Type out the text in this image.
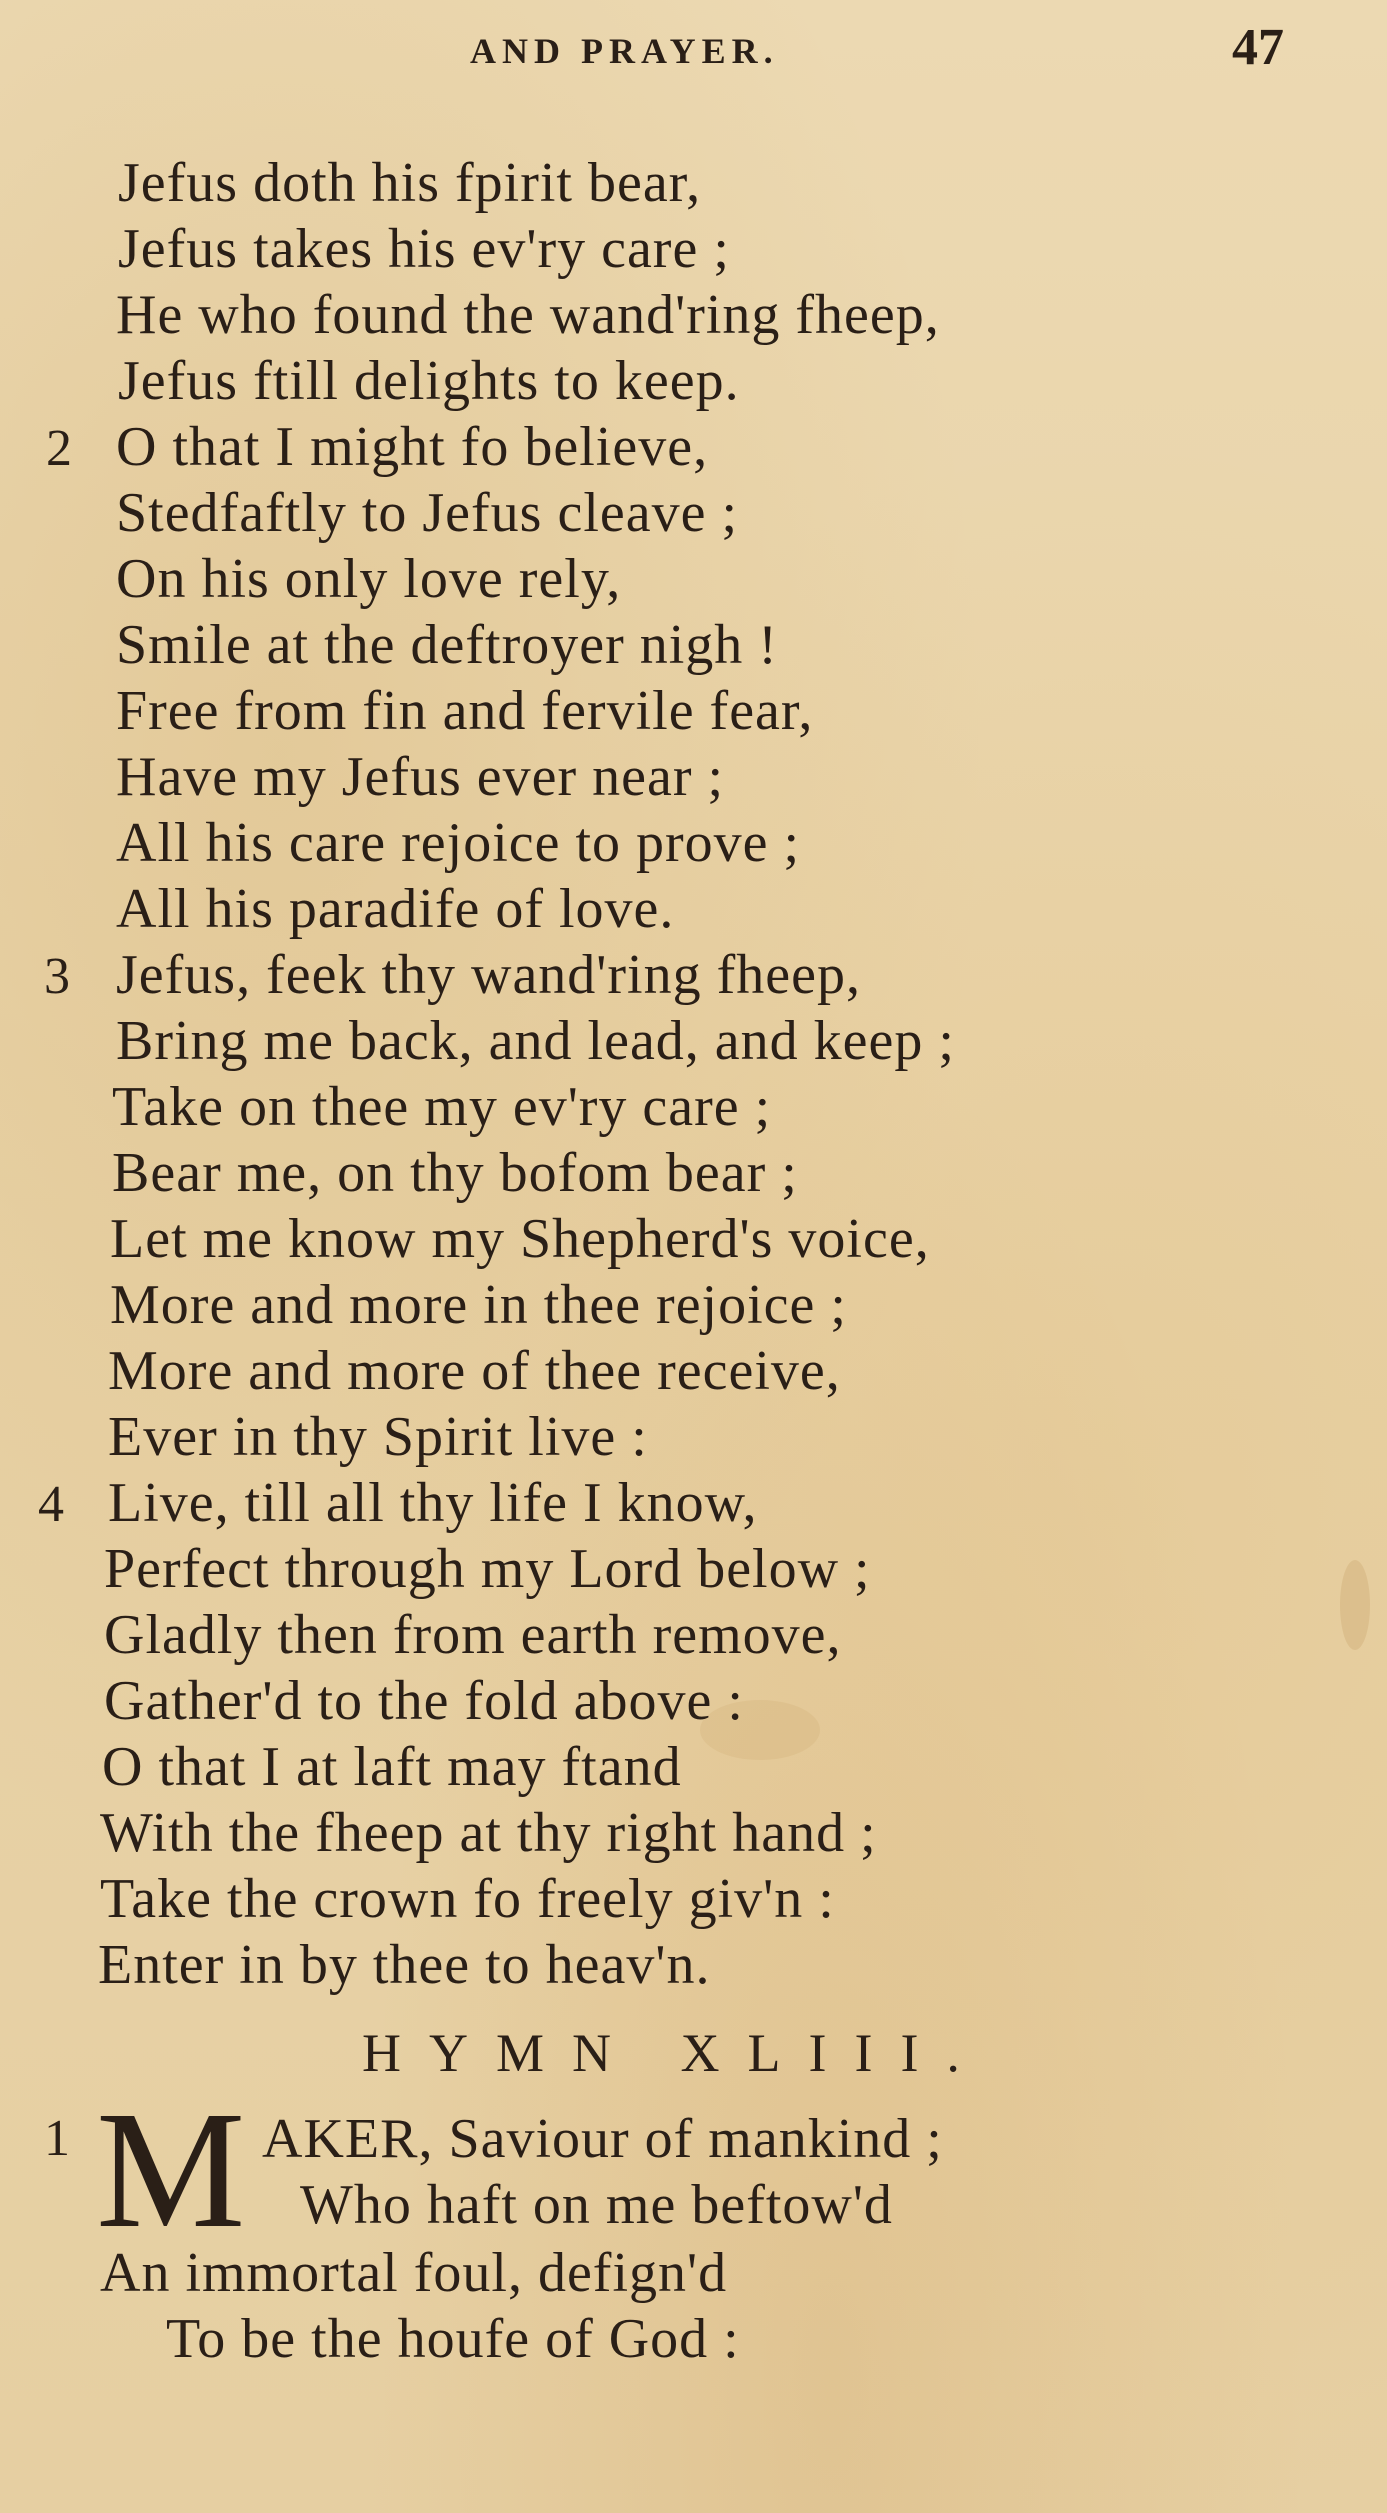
AND PRAYER.	47
Jefus doth his fpirit bear,
Jefus takes his ev'ry care ;
He who found the wand'ring fheep,
Jefus ftill delights to keep.
2 O that I might fo believe,
Stedfaftly to Jefus cleave ;
On his only love rely,
Smile at the deftroyer nigh !
Free from fin and fervile fear,
Have my Jefus ever near ;
All his care rejoice to prove ;
All his paradife of love.
3 Jefus, feek thy wand'ring fheep,
Bring me back, and lead, and keep ;
Take on thee my ev'ry care ;
Bear me, on thy bofom bear ;
Let me know my Shepherd's voice,
More and more in thee rejoice ;
More and more of thee receive,
Ever in thy Spirit live :
4 Live, till all thy life I know,
Perfect through my Lord below ;
Gladly then from earth remove,
Gather'd to the fold above :
O that I at laft may ftand
With the fheep at thy right hand ;
Take the crown fo freely giv'n :
Enter in by thee to heav'n.
HYMN XLIII.
1 M AKER, Saviour of mankind ;
Who haft on me beftow'd
An immortal foul, defign'd
To be the houfe of God :
